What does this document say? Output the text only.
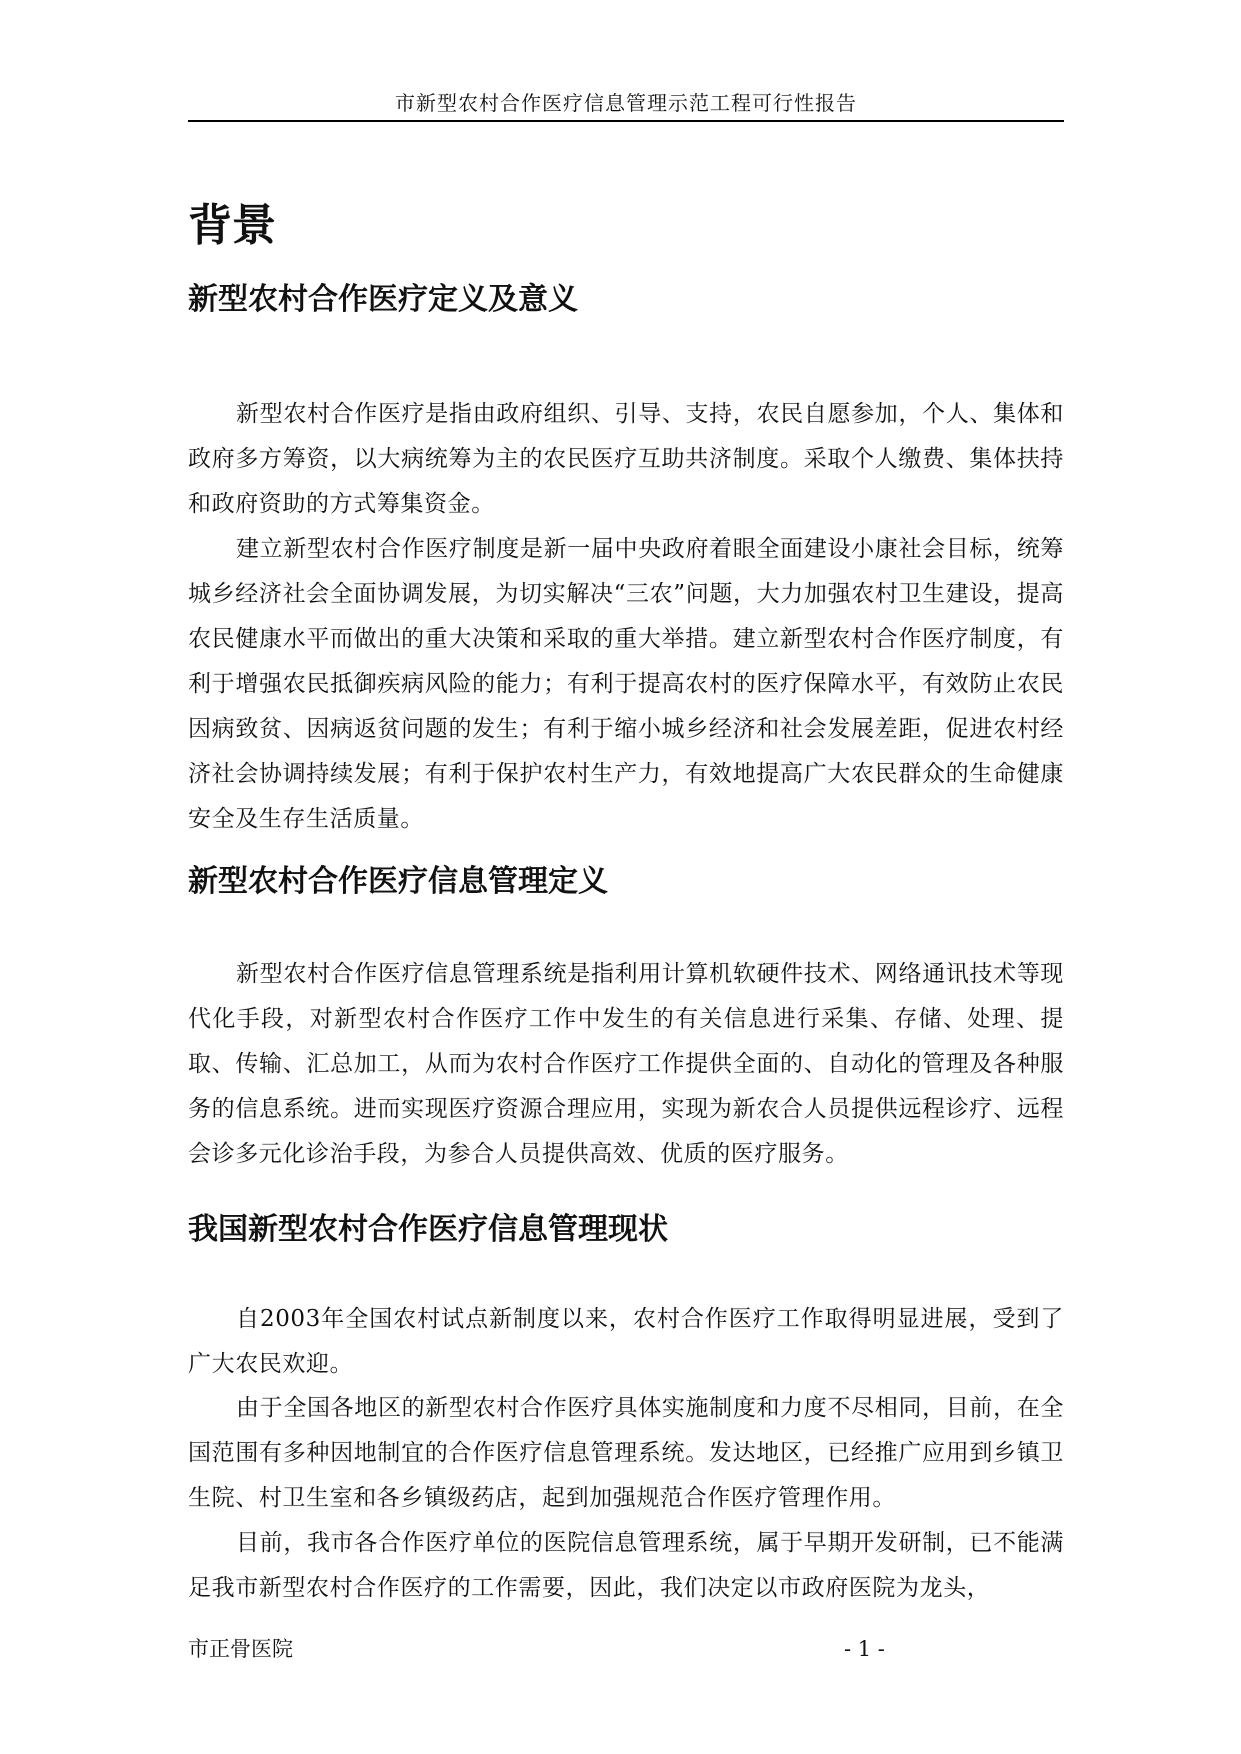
市新型农村合作医疗信息管理示范工程可行性报告
背景
新型农村合作医疗定义及意义

新型农村合作医疗是指由政府组织、引导、支持，农民自愿参加，个人、集体和政府多方筹资，以大病统筹为主的农民医疗互助共济制度。采取个人缴费、集体扶持和政府资助的方式筹集资金。

建立新型农村合作医疗制度是新一届中央政府着眼全面建设小康社会目标，统筹城乡经济社会全面协调发展，为切实解决“三农”问题，大力加强农村卫生建设，提高农民健康水平而做出的重大决策和采取的重大举措。建立新型农村合作医疗制度，有利于增强农民抵御疾病风险的能力；有利于提高农村的医疗保障水平，有效防止农民因病致贫、因病返贫问题的发生；有利于缩小城乡经济和社会发展差距，促进农村经济社会协调持续发展；有利于保护农村生产力，有效地提高广大农民群众的生命健康安全及生存生活质量。

新型农村合作医疗信息管理定义

新型农村合作医疗信息管理系统是指利用计算机软硬件技术、网络通讯技术等现代化手段，对新型农村合作医疗工作中发生的有关信息进行采集、存储、处理、提取、传输、汇总加工，从而为农村合作医疗工作提供全面的、自动化的管理及各种服务的信息系统。进而实现医疗资源合理应用，实现为新农合人员提供远程诊疗、远程会诊多元化诊治手段，为参合人员提供高效、优质的医疗服务。

我国新型农村合作医疗信息管理现状

自2003年全国农村试点新制度以来，农村合作医疗工作取得明显进展，受到了广大农民欢迎。

由于全国各地区的新型农村合作医疗具体实施制度和力度不尽相同，目前，在全国范围有多种因地制宜的合作医疗信息管理系统。发达地区，已经推广应用到乡镇卫生院、村卫生室和各乡镇级药店，起到加强规范合作医疗管理作用。

目前，我市各合作医疗单位的医院信息管理系统，属于早期开发研制，已不能满足我市新型农村合作医疗的工作需要，因此，我们决定以市政府医院为龙头，

市正骨医院	- 1 -
